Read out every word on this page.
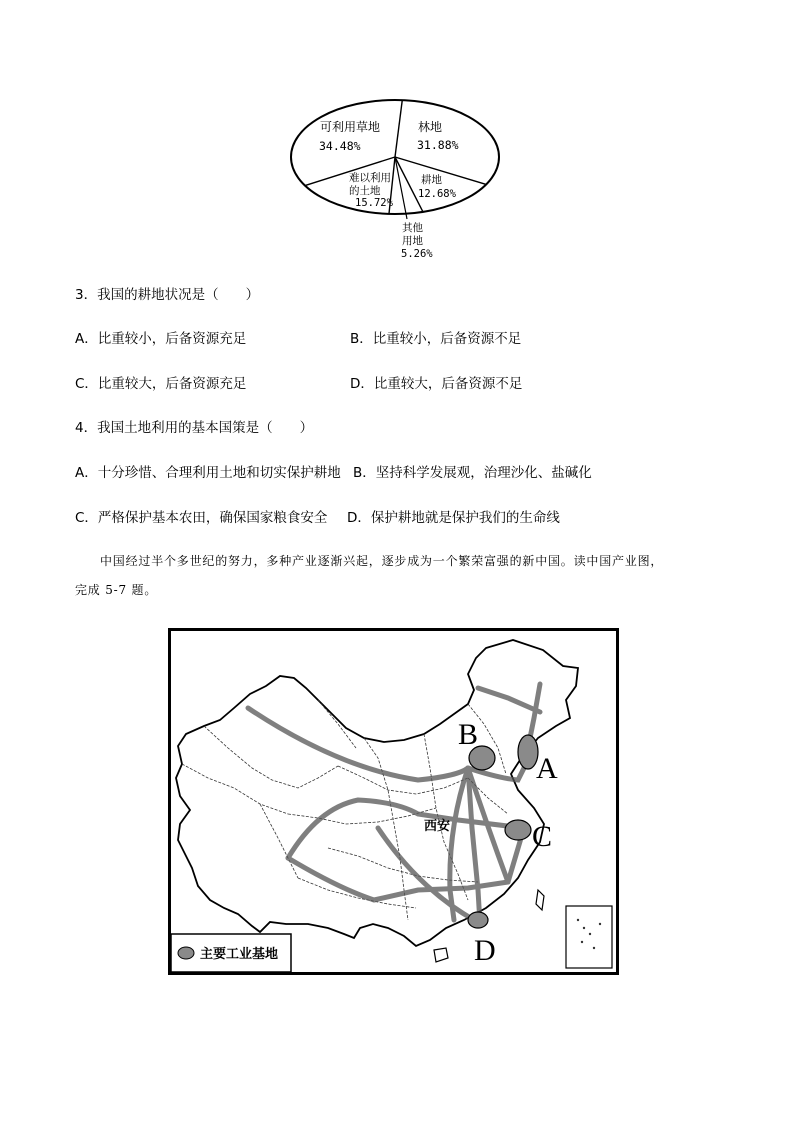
可利用草地
34.48%
林地
31.88%
难以利用
的土地
15.72%
耕地
12.68%
其他
用地
5.26%
3．我国的耕地状况是（　　）
A．比重较小，后备资源充足	B．比重较小，后备资源不足
C．比重较大，后备资源充足	D．比重较大，后备资源不足
4．我国土地利用的基本国策是（　　）
A．十分珍惜、合理利用土地和切实保护耕地 B．坚持科学发展观，治理沙化、盐碱化
C．严格保护基本农田，确保国家粮食安全 D．保护耕地就是保护我们的生命线
中国经过半个多世纪的努力，多种产业逐渐兴起，逐步成为一个繁荣富强的新中国。读中国产业图，
完成 5-7 题。
A
B
C
D
西安
主要工业基地
